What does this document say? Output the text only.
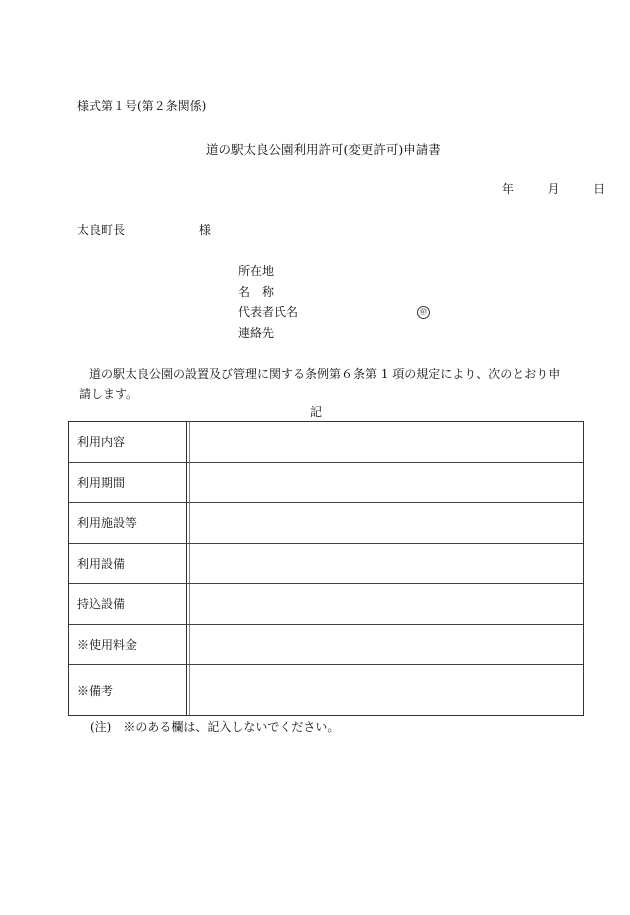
様式第１号(第２条関係)
道の駅太良公園利用許可(変更許可)申請書
年	月	日
太良町長	様
所在地
名　称
代表者氏名
連絡先
㊞
道の駅太良公園の設置及び管理に関する条例第６条第 1 項の規定により、次のとおり申請します。
記
利用内容
利用期間
利用施設等
利用設備
持込設備
※使用料金
※備考
(注) ※のある欄は、記入しないでください。
